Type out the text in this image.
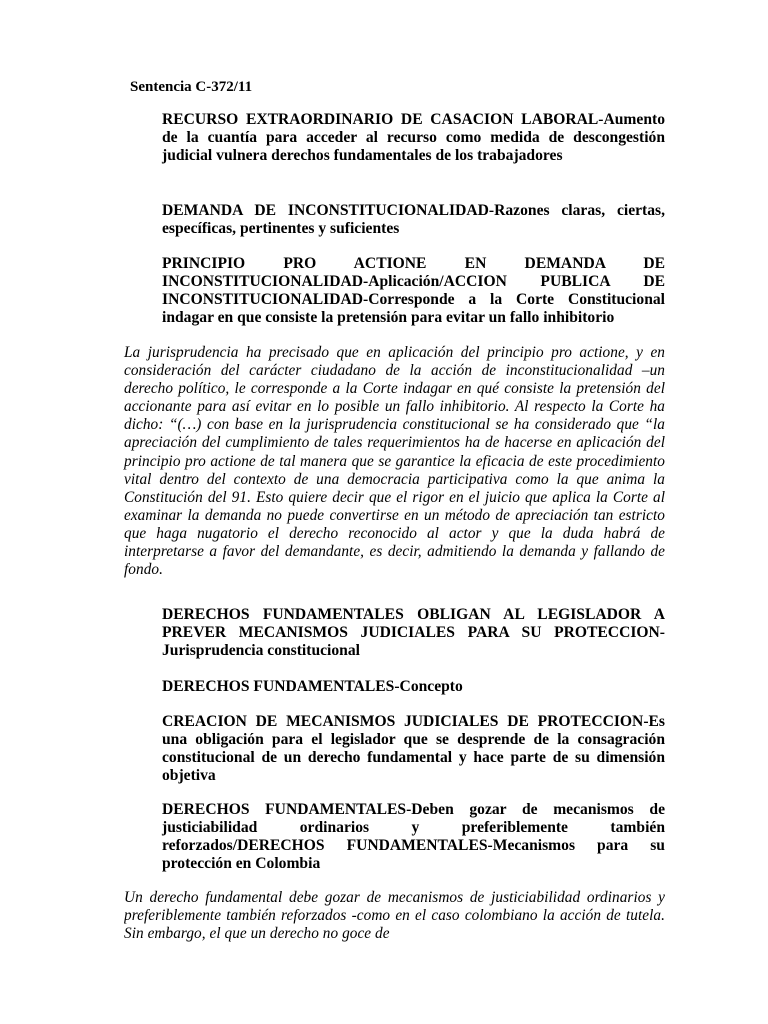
Sentencia C-372/11
RECURSO EXTRAORDINARIO DE CASACION LABORAL-Aumento de la cuantía para acceder al recurso como medida de descongestión judicial vulnera derechos fundamentales de los trabajadores
DEMANDA DE INCONSTITUCIONALIDAD-Razones claras, ciertas, específicas, pertinentes y suficientes
PRINCIPIO PRO ACTIONE EN DEMANDA DE INCONSTITUCIONALIDAD-Aplicación/ACCION PUBLICA DE INCONSTITUCIONALIDAD-Corresponde a la Corte Constitucional indagar en que consiste la pretensión para evitar un fallo inhibitorio
La jurisprudencia ha precisado que en aplicación del principio pro actione, y en consideración del carácter ciudadano de la acción de inconstitucionalidad –un derecho político, le corresponde a la Corte indagar en qué consiste la pretensión del accionante para así evitar en lo posible un fallo inhibitorio. Al respecto la Corte ha dicho: “(…) con base en la jurisprudencia constitucional se ha considerado que “la apreciación del cumplimiento de tales requerimientos ha de hacerse en aplicación del principio pro actione de tal manera que se garantice la eficacia de este procedimiento vital dentro del contexto de una democracia participativa como la que anima la Constitución del 91. Esto quiere decir que el rigor en el juicio que aplica la Corte al examinar la demanda no puede convertirse en un método de apreciación tan estricto que haga nugatorio el derecho reconocido al actor y que la duda habrá de interpretarse a favor del demandante, es decir, admitiendo la demanda y fallando de fondo.
DERECHOS FUNDAMENTALES OBLIGAN AL LEGISLADOR A PREVER MECANISMOS JUDICIALES PARA SU PROTECCION-Jurisprudencia constitucional
DERECHOS FUNDAMENTALES-Concepto
CREACION DE MECANISMOS JUDICIALES DE PROTECCION-Es una obligación para el legislador que se desprende de la consagración constitucional de un derecho fundamental y hace parte de su dimensión objetiva
DERECHOS FUNDAMENTALES-Deben gozar de mecanismos de justiciabilidad ordinarios y preferiblemente también reforzados/DERECHOS FUNDAMENTALES-Mecanismos para su protección en Colombia
Un derecho fundamental debe gozar de mecanismos de justiciabilidad ordinarios y preferiblemente también reforzados -como en el caso colombiano la acción de tutela. Sin embargo, el que un derecho no goce de
